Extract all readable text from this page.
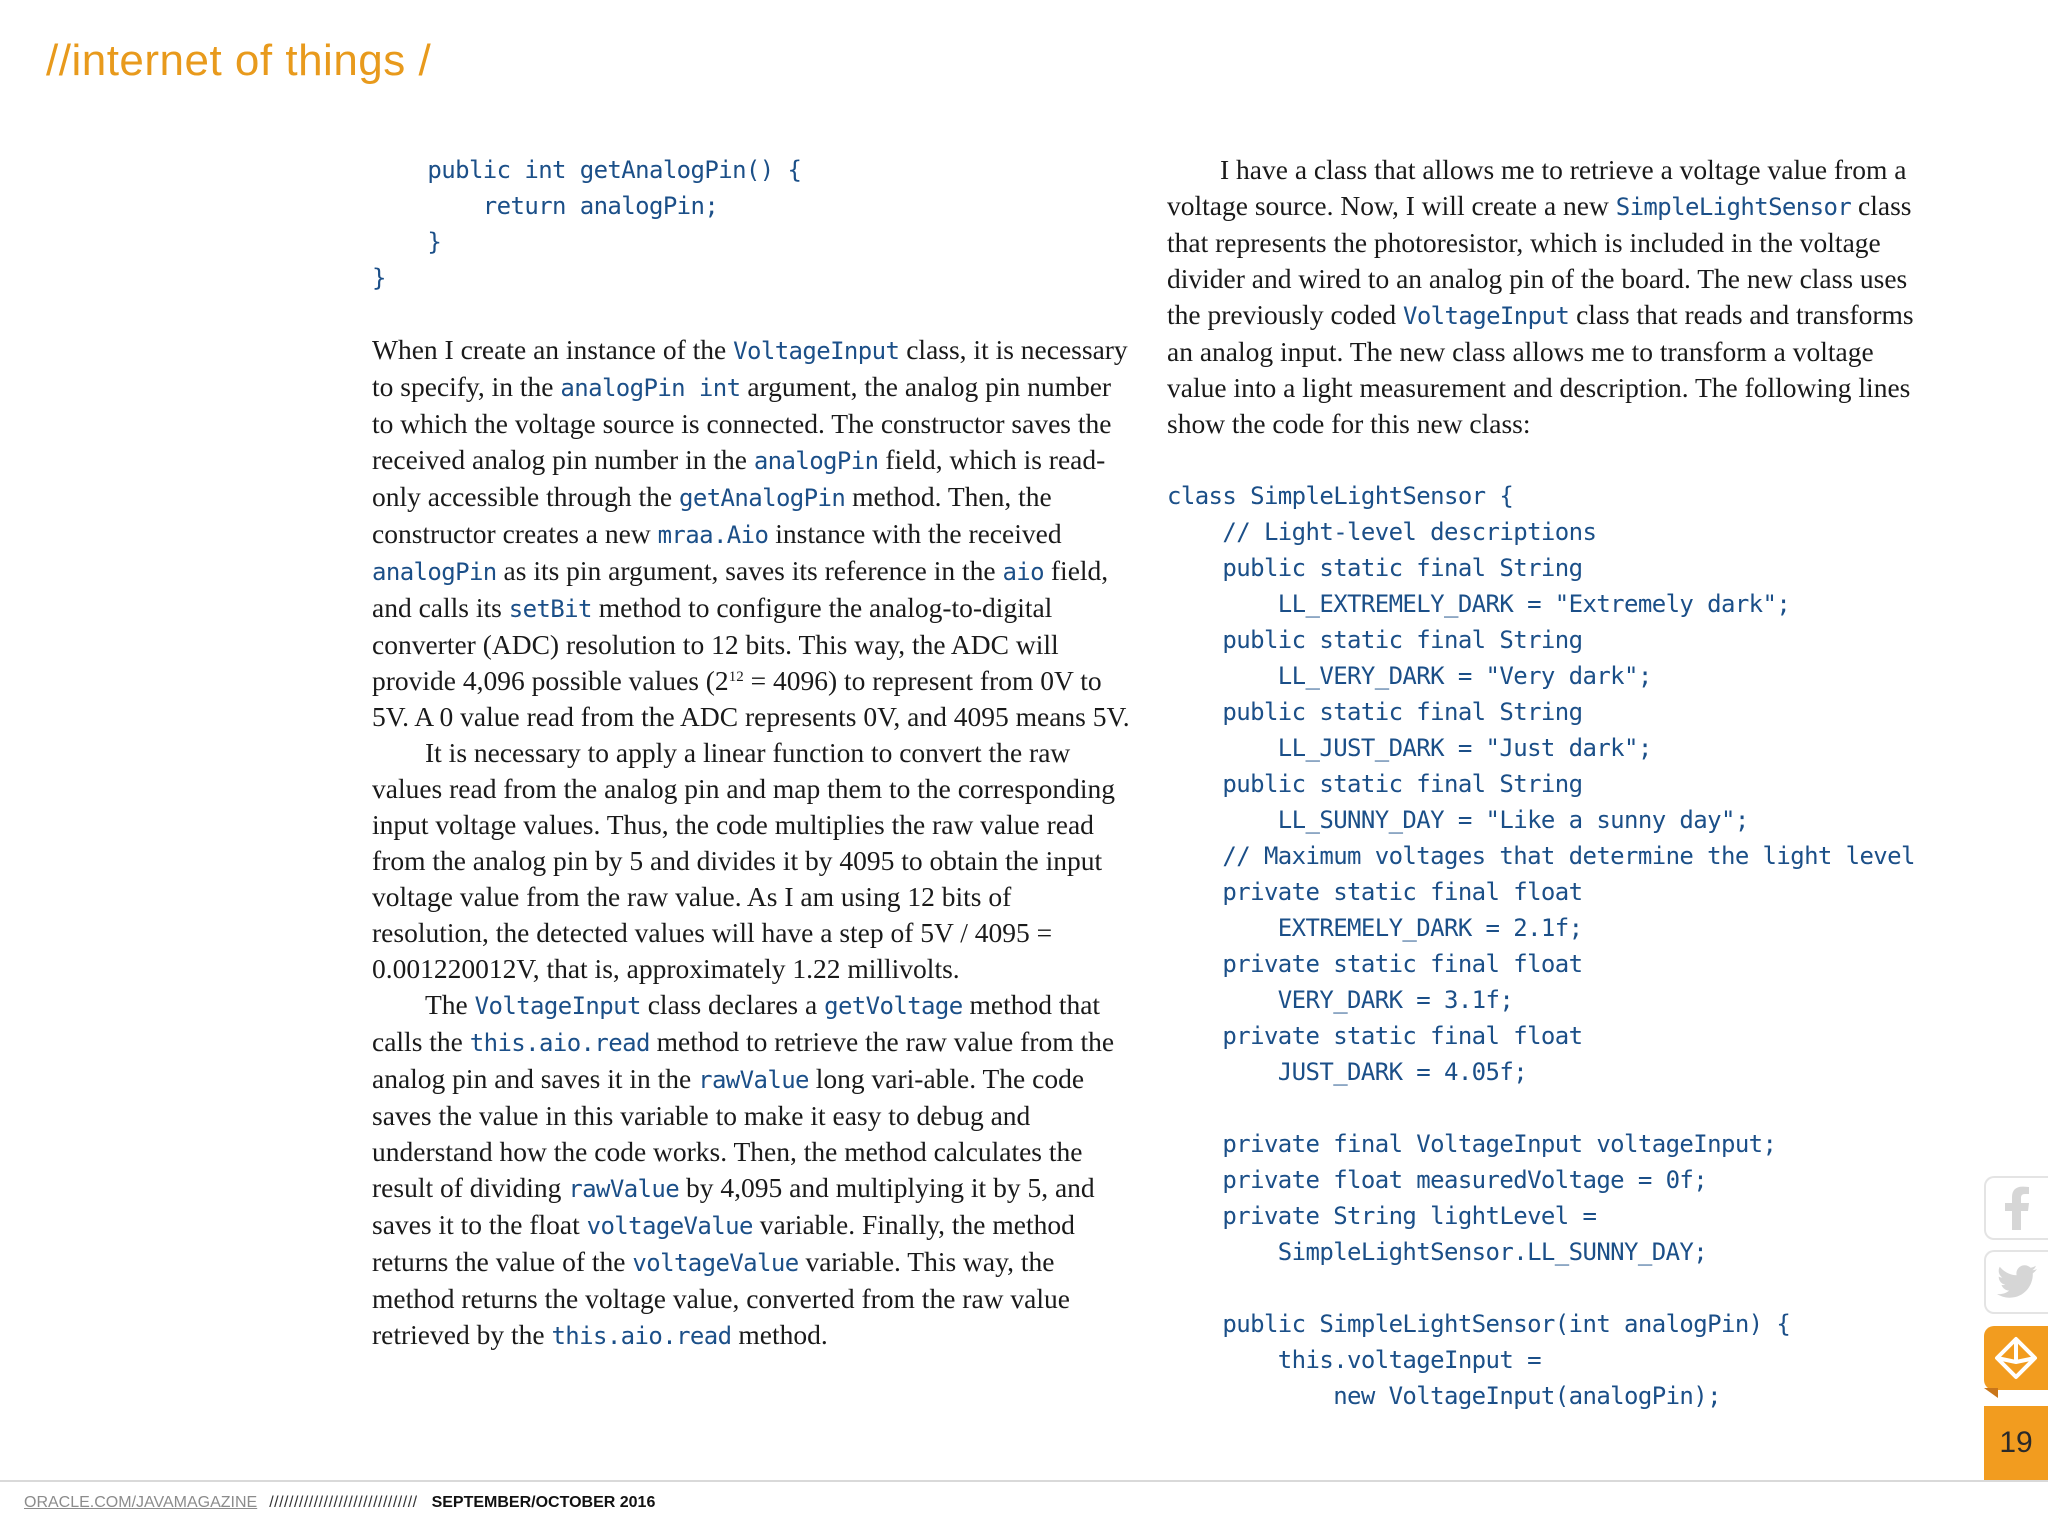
//internet of things /
public int getAnalogPin() {
return analogPin;
}
}

When I create an instance of the VoltageInput class, it is necessary to specify, in the analogPin int argument, the analog pin number to which the voltage source is connected. The constructor saves the received analog pin number in the analogPin field, which is read-only accessible through the getAnalogPin method. Then, the constructor creates a new mraa.Aio instance with the received analogPin as its pin argument, saves its reference in the aio field, and calls its setBit method to configure the analog-to-digital converter (ADC) resolution to 12 bits. This way, the ADC will provide 4,096 possible values $(2^{12} = 4096)$ to represent from 0V to 5V. A 0 value read from the ADC represents 0V, and 4095 means 5V.

It is necessary to apply a linear function to convert the raw values read from the analog pin and map them to the corresponding input voltage values. Thus, the code multiplies the raw value read from the analog pin by 5 and divides it by 4095 to obtain the input voltage value from the raw value. As I am using 12 bits of resolution, the detected values will have a step of 5V / 4095 = 0.001220012V, that is, approximately 1.22 millivolts.

The VoltageInput class declares a getVoltage method that calls the this.aio.read method to retrieve the raw value from the analog pin and saves it in the rawValue long vari-able. The code saves the value in this variable to make it easy to debug and understand how the code works. Then, the method calculates the result of dividing rawValue by 4,095 and multiplying it by 5, and saves it to the float voltageValue variable. Finally, the method returns the value of the voltageValue variable. This way, the method returns the voltage value, converted from the raw value retrieved by the this.aio.read method.

I have a class that allows me to retrieve a voltage value from a voltage source. Now, I will create a new SimpleLightSensor class that represents the photoresistor, which is included in the voltage divider and wired to an analog pin of the board. The new class uses the previously coded VoltageInput class that reads and transforms an analog input. The new class allows me to transform a voltage value into a light measurement and description. The following lines show the code for this new class:

class SimpleLightSensor {
// Light-level descriptions
public static final String
LL_EXTREMELY_DARK = "Extremely dark";
public static final String
LL_VERY_DARK = "Very dark";
public static final String
LL_JUST_DARK = "Just dark";
public static final String
LL_SUNNY_DAY = "Like a sunny day";
// Maximum voltages that determine the light level
private static final float
EXTREMELY_DARK = 2.1f;
private static final float
VERY_DARK = 3.1f;
private static final float
JUST_DARK = 4.05f;

private final VoltageInput voltageInput;
private float measuredVoltage = 0f;
private String lightLevel =
SimpleLightSensor.LL_SUNNY_DAY;

public SimpleLightSensor(int analogPin) {
this.voltageInput =
new VoltageInput(analogPin);
19
ORACLE.COM/JAVAMAGAZINE ////////////////////////////// SEPTEMBER/OCTOBER 2016
